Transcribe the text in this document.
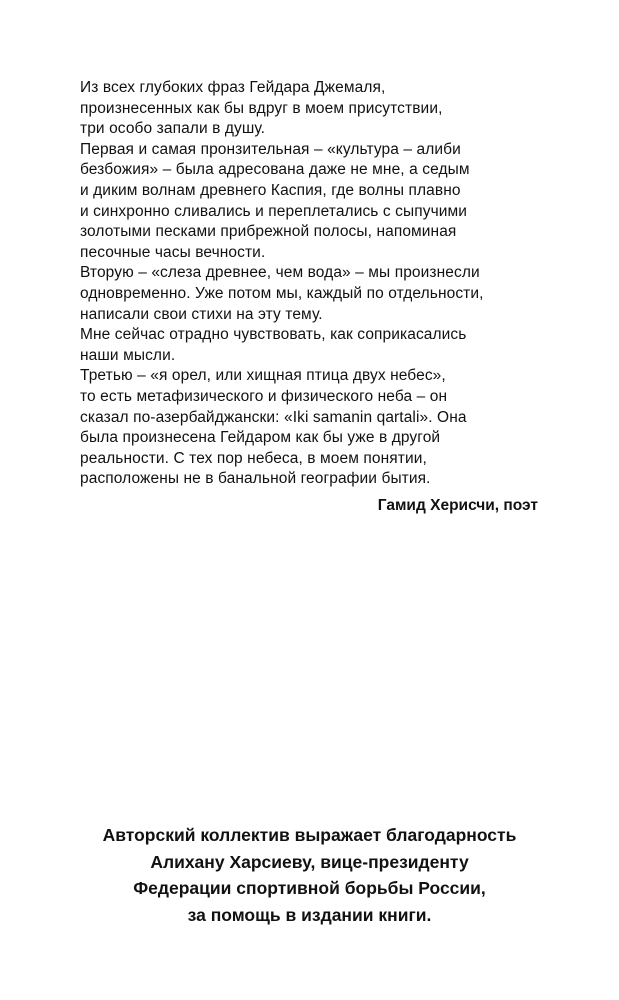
Из всех глубоких фраз Гейдара Джемаля,
произнесенных как бы вдруг в моем присутствии,
три особо запали в душу.
Первая и самая пронзительная – «культура – алиби
безбожия» – была адресована даже не мне, а седым
и диким волнам древнего Каспия, где волны плавно
и синхронно сливались и переплетались с сыпучими
золотыми песками прибрежной полосы, напоминая
песочные часы вечности.
Вторую – «слеза древнее, чем вода» – мы произнесли
одновременно. Уже потом мы, каждый по отдельности,
написали свои стихи на эту тему.
Мне сейчас отрадно чувствовать, как соприкасались
наши мысли.
Третью – «я орел, или хищная птица двух небес»,
то есть метафизического и физического неба – он
сказал по-азербайджански: «Iki samanin qartali». Она
была произнесена Гейдаром как бы уже в другой
реальности. С тех пор небеса, в моем понятии,
расположены не в банальной географии бытия.
Гамид Херисчи, поэт
Авторский коллектив выражает благодарность
Алихану Харсиеву, вице-президенту
Федерации спортивной борьбы России,
за помощь в издании книги.
